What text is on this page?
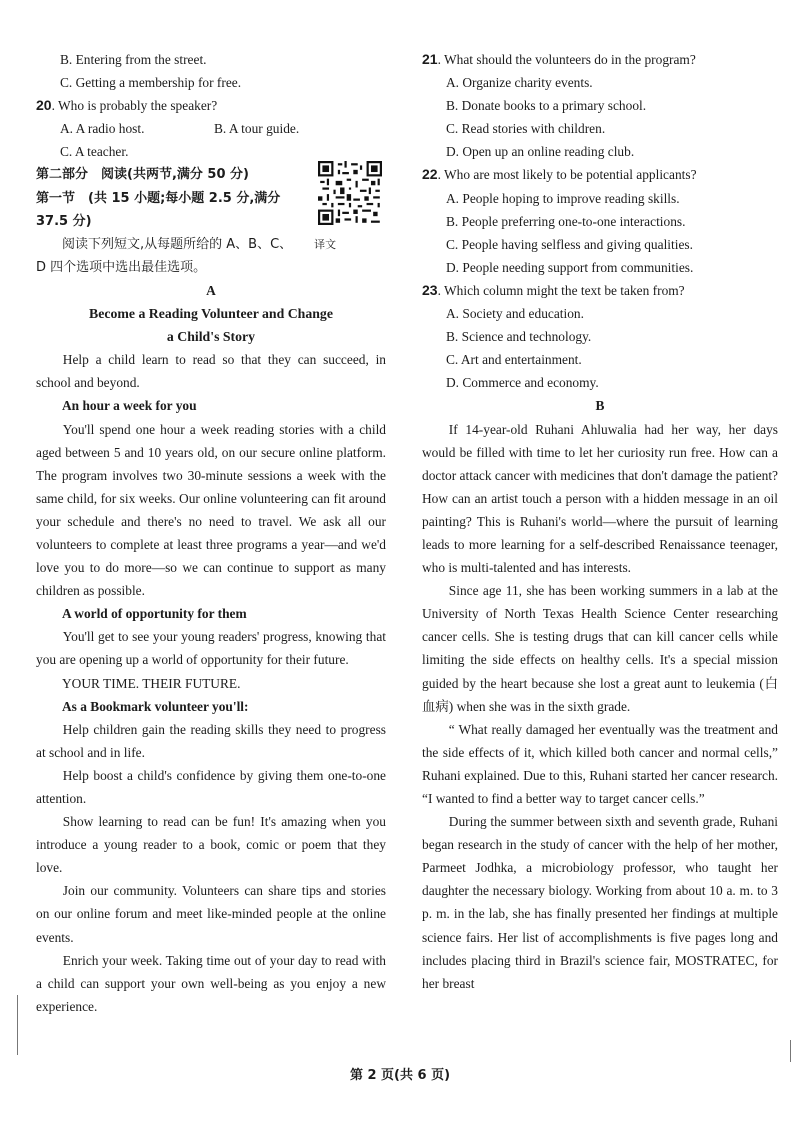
B. Entering from the street.

C. Getting a membership for free.

20. Who is probably the speaker?

A. A radio host.	B. A tour guide.

C. A teacher.

第二部分　阅读(共两节,满分 50 分)

第一节　(共 15 小题;每小题 2.5 分,满分

37.5 分)

阅读下列短文,从每题所给的 A、B、C、 译文

D 四个选项中选出最佳选项。

A

Become a Reading Volunteer and Change

a Child's Story

Help a child learn to read so that they can succeed, in school and beyond.

An hour a week for you

You'll spend one hour a week reading stories with a child aged between 5 and 10 years old, on our secure online platform. The program involves two 30-minute sessions a week with the same child, for six weeks. Our online volunteering can fit around your schedule and there's no need to travel. We ask all our volunteers to complete at least three programs a year—and we'd love you to do more—so we can continue to support as many children as possible.

A world of opportunity for them

You'll get to see your young readers' progress, knowing that you are opening up a world of opportunity for their future.

YOUR TIME. THEIR FUTURE.

As a Bookmark volunteer you'll:

Help children gain the reading skills they need to progress at school and in life.

Help boost a child's confidence by giving them one-to-one attention.

Show learning to read can be fun! It's amazing when you introduce a young reader to a book, comic or poem that they love.

Join our community. Volunteers can share tips and stories on our online forum and meet like-minded people at the online events.

Enrich your week. Taking time out of your day to read with a child can support your own well-being as you enjoy a new experience.

21. What should the volunteers do in the program?

A. Organize charity events.

B. Donate books to a primary school.

C. Read stories with children.

D. Open up an online reading club.

22. Who are most likely to be potential applicants?

A. People hoping to improve reading skills.

B. People preferring one-to-one interactions.

C. People having selfless and giving qualities.

D. People needing support from communities.

23. Which column might the text be taken from?

A. Society and education.

B. Science and technology.

C. Art and entertainment.

D. Commerce and economy.

B

If 14-year-old Ruhani Ahluwalia had her way, her days would be filled with time to let her curiosity run free. How can a doctor attack cancer with medicines that don't damage the patient? How can an artist touch a person with a hidden message in an oil painting? This is Ruhani's world—where the pursuit of learning leads to more learning for a self-described Renaissance teenager, who is multi-talented and has interests.

Since age 11, she has been working summers in a lab at the University of North Texas Health Science Center researching cancer cells. She is testing drugs that can kill cancer cells while limiting the side effects on healthy cells. It's a special mission guided by the heart because she lost a great aunt to leukemia (白血病) when she was in the sixth grade.

“ What really damaged her eventually was the treatment and the side effects of it, which killed both cancer and normal cells,” Ruhani explained. Due to this, Ruhani started her cancer research. “I wanted to find a better way to target cancer cells.”

During the summer between sixth and seventh grade, Ruhani began research in the study of cancer with the help of her mother, Parmeet Jodhka, a microbiology professor, who taught her daughter the necessary biology. Working from about 10 a. m. to 3 p. m. in the lab, she has finally presented her findings at multiple science fairs. Her list of accomplishments is five pages long and includes placing third in Brazil's science fair, MOSTRATEC, for her breast

第 2 页(共 6 页)
